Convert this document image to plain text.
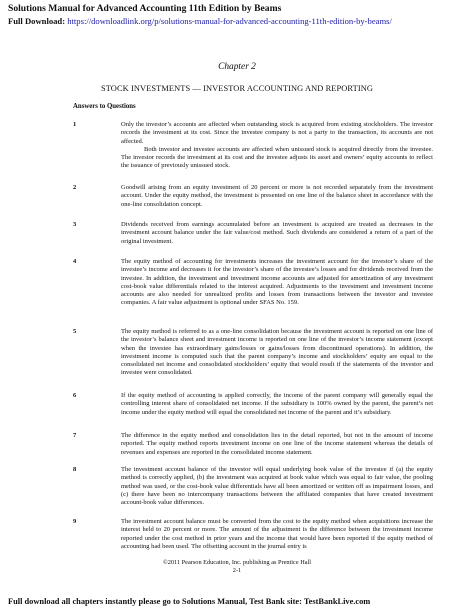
Solutions Manual for Advanced Accounting 11th Edition by Beams
Full Download: https://downloadlink.org/p/solutions-manual-for-advanced-accounting-11th-edition-by-beams/
Chapter 2
STOCK INVESTMENTS — INVESTOR ACCOUNTING AND REPORTING
Answers to Questions
1	Only the investor’s accounts are affected when outstanding stock is acquired from existing stockholders. The investor records the investment at its cost. Since the investee company is not a party to the transaction, its accounts are not affected.

Both investor and investee accounts are affected when unissued stock is acquired directly from the investee. The investor records the investment at its cost and the investee adjusts its asset and owners’ equity accounts to reflect the issuance of previously unissued stock.

2	Goodwill arising from an equity investment of 20 percent or more is not recorded separately from the investment account. Under the equity method, the investment is presented on one line of the balance sheet in accordance with the one-line consolidation concept.

3	Dividends received from earnings accumulated before an investment is acquired are treated as decreases in the investment account balance under the fair value/cost method. Such dividends are considered a return of a part of the original investment.

4	The equity method of accounting for investments increases the investment account for the investor’s share of the investee’s income and decreases it for the investor’s share of the investee’s losses and for dividends received from the investee. In addition, the investment and investment income accounts are adjusted for amortization of any investment cost-book value differentials related to the interest acquired. Adjustments to the investment and investment income accounts are also needed for unrealized profits and losses from transactions between the investor and investee companies. A fair value adjustment is optional under SFAS No. 159.

5	The equity method is referred to as a one-line consolidation because the investment account is reported on one line of the investor’s balance sheet and investment income is reported on one line of the investor’s income statement (except when the investee has extraordinary gains/losses or gains/losses from discontinued operations). In addition, the investment income is computed such that the parent company’s income and stockholders’ equity are equal to the consolidated net income and consolidated stockholders’ equity that would result if the statements of the investor and investee were consolidated.

6	If the equity method of accounting is applied correctly, the income of the parent company will generally equal the controlling interest share of consolidated net income. If the subsidiary is 100% owned by the parent, the parent’s net income under the equity method will equal the consolidated net income of the parent and it’s subsidiary.

7	The difference in the equity method and consolidation lies in the detail reported, but not in the amount of income reported. The equity method reports investment income on one line of the income statement whereas the details of revenues and expenses are reported in the consolidated income statement.

8	The investment account balance of the investor will equal underlying book value of the investee if (a) the equity method is correctly applied, (b) the investment was acquired at book value which was equal to fair value, the pooling method was used, or the cost-book value differentials have all been amortized or written off as impairment losses, and (c) there have been no intercompany transactions between the affiliated companies that have created investment account-book value differences.

9	The investment account balance must be converted from the cost to the equity method when acquisitions increase the interest held to 20 percent or more. The amount of the adjustment is the difference between the investment income reported under the cost method in prior years and the income that would have been reported if the equity method of accounting had been used. The offsetting account in the journal entry is

©2011 Pearson Education, Inc. publishing as Prentice Hall
2-1
Full download all chapters instantly please go to Solutions Manual, Test Bank site: TestBankLive.com
